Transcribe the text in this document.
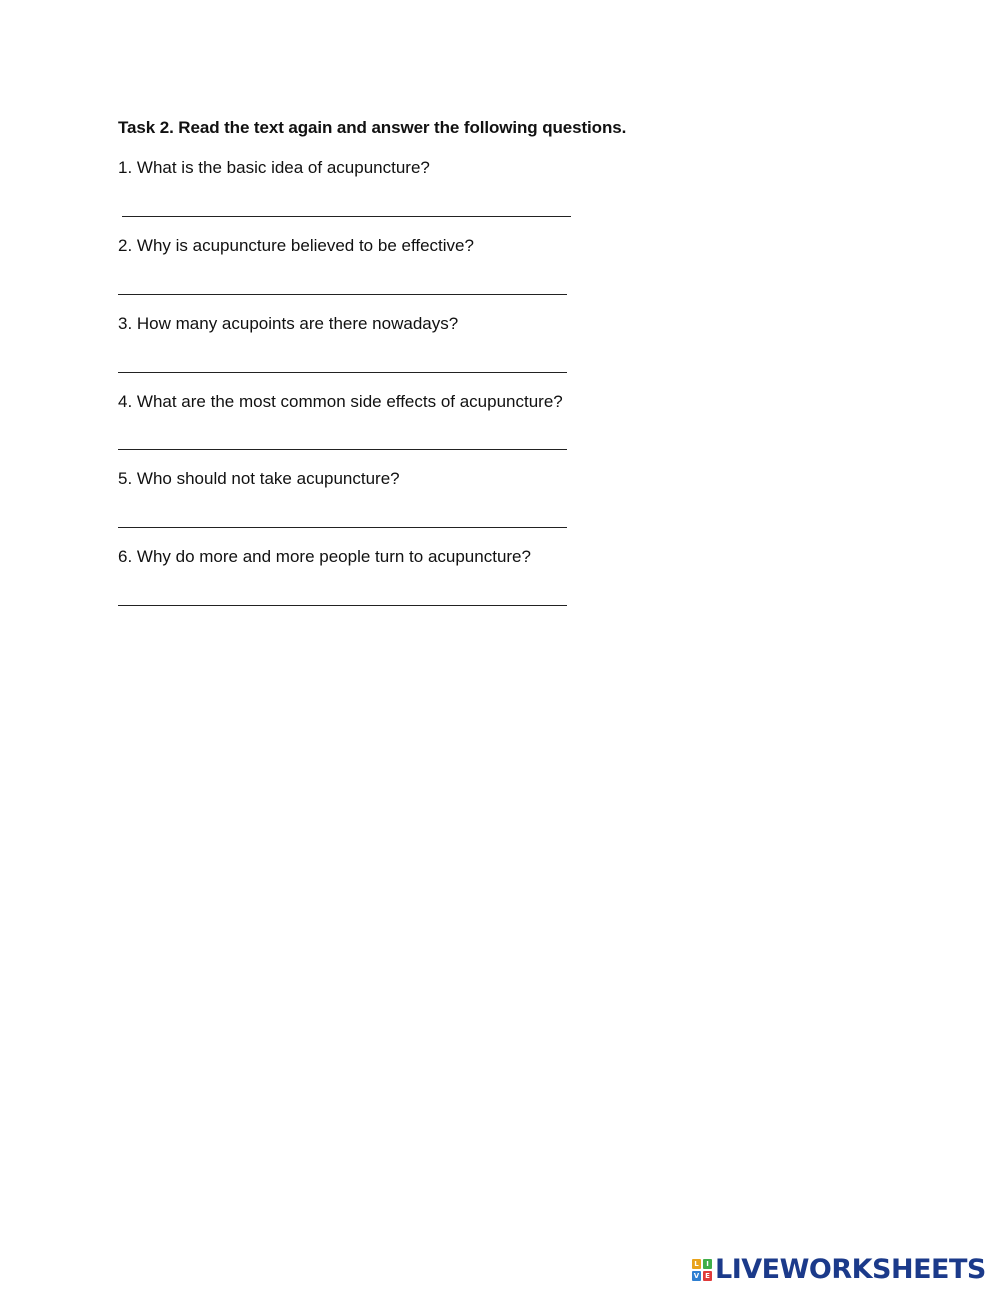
Task 2. Read the text again and answer the following questions.
1. What is the basic idea of acupuncture?
2. Why is acupuncture believed to be effective?
3. How many acupoints are there nowadays?
4. What are the most common side effects of acupuncture?
5. Who should not take acupuncture?
6. Why do more and more people turn to acupuncture?
L	I
V E LIVEWORKSHEETS
